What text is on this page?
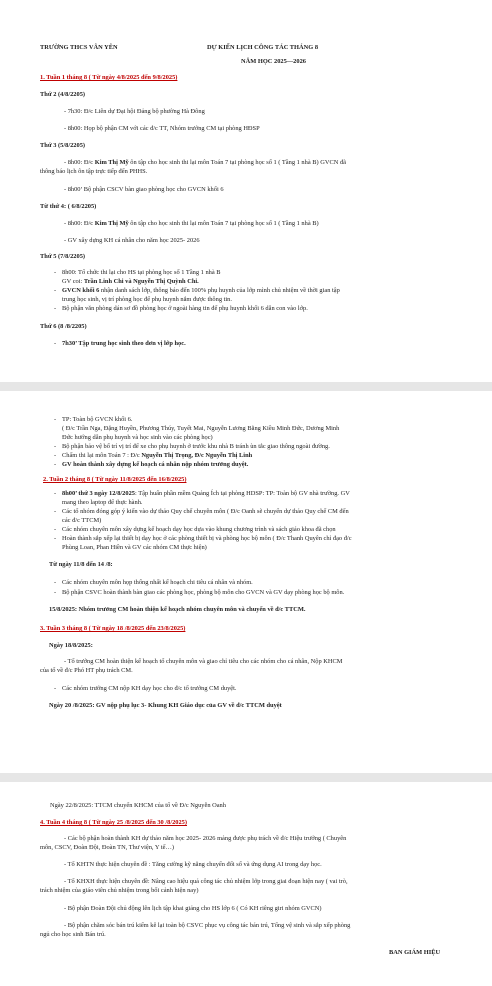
TRƯỜNG THCS VÂN YÊN	DỰ KIẾN LỊCH CÔNG TÁC THÁNG 8
NĂM HỌC 2025—2026
1. Tuần 1 tháng 8 ( Từ ngày 4/8/2025 đến 9/8/2025)
Thứ 2 (4/8/2205)
- 7h30: Đ/c Liên dự Đại hội Đảng bộ phường Hà Đông
- 8h00: Họp bộ phận CM với các đ/c TT, Nhóm trưởng CM tại phòng HĐSP
Thứ 3 (5/8/2205)
- 8h00: Đ/c Kim Thị Mỹ ôn tập cho học sinh thi lại môn Toán 7 tại phòng học số 1 ( Tầng 1 nhà B) GVCN đã
thông báo lịch ôn tập trực tiếp đến PHHS.
- 8h00’ Bộ phận CSCV bàn giao phòng học cho GVCN khối 6
Từ thứ 4: ( 6/8/2205)
- 8h00: Đ/c Kim Thị Mỹ ôn tập cho học sinh thi lại môn Toán 7 tại phòng học số 1 ( Tầng 1 nhà B)
- GV xây dựng KH cá nhân cho năm học 2025- 2026
Thứ 5 (7/8/2205)
- 8h00: Tổ chức thi lại cho HS tại phòng học số 1 Tầng 1 nhà B
GV coi: Trần Linh Chi và Nguyễn Thị Quỳnh Chi.
- GVCN khối 6 nhận danh sách lớp, thông báo đến 100% phụ huynh của lớp mình chủ nhiệm về thời gian tập
trung học sinh, vị trí phòng học để phụ huynh nắm được thông tin.
- Bộ phận văn phòng dán sơ đồ phòng học ở ngoài hàng tin để phụ huynh khối 6 dẫn con vào lớp.
Thứ 6 (8 /8/2205)
- 7h30’ Tập trung học sinh theo đơn vị lớp học.
- TP: Toàn bộ GVCN khối 6.
( Đ/c Trần Nga, Đặng Huyền, Phương Thúy, Tuyết Mai, Nguyễn Lương Bằng Kiều Minh Đức, Dương Minh
Đức hướng dẫn phụ huynh và học sinh vào các phòng học)
- Bộ phận bảo vệ bố trí vị trí để xe cho phụ huynh ở trước khu nhà B tránh ùn tắc giao thông ngoài đường.
- Chấm thi lại môn Toán 7 : Đ/c Nguyễn Thị Trọng, Đ/c Nguyễn Thị Linh
- GV hoàn thành xây dựng kế hoạch cá nhân nộp nhóm trưởng duyệt.
2. Tuần 2 tháng 8 ( Từ ngày 11/8/2025 đến 16/8/2025)
- 8h00’ thứ 3 ngày 12/8/2025: Tập huấn phần mềm Quảng Ích tại phòng HDSP: TP: Toàn bộ GV nhà trường. GV
mang theo laptop để thực hành.
- Các tổ nhóm đóng góp ý kiến vào dự thảo Quy chế chuyên môn ( Đ/c Oanh sẽ chuyển dự thảo Quy chế CM đến
các đ/c TTCM)
- Các nhóm chuyên môn xây dựng kế hoạch dạy học dựa vào khung chương trình và sách giáo khoa đã chọn
- Hoàn thành sắp xếp lại thiết bị dạy học ở các phòng thiết bị và phòng học bộ môn ( Đ/c Thanh Quyên chỉ đạo đ/c
Phùng Loan, Phan Hiền và GV các nhóm CM thực hiện)
Từ ngày 11/8 đến 14 /8:
- Các nhóm chuyên môn họp thống nhất kế hoạch chi tiêu cá nhân và nhóm.
- Bộ phận CSVC hoàn thành bàn giao các phòng học, phòng bộ môn cho GVCN và GV dạy phòng học bộ môn.
15/8/2025: Nhóm trưởng CM hoàn thiện kế hoạch nhóm chuyên môn và chuyển về đ/c TTCM.
3. Tuần 3 tháng 8 ( Từ ngày 18 /8/2025 đến 23/8/2025)
Ngày 18/8/2025:
- Tổ trưởng CM hoàn thiện kế hoạch tổ chuyên môn và giao chỉ tiêu cho các nhóm cho cá nhân, Nộp KHCM
của tổ về đ/c Phó HT phụ trách CM.
- Các nhóm trưởng CM nộp KH dạy học cho đ/c tổ trưởng CM duyệt.
Ngày 20 /8/2025: GV nộp phụ lục 3- Khung KH Giáo dục của GV về đ/c TTCM duyệt
Ngày 22/8/2025: TTCM chuyển KHCM của tổ về Đ/c Nguyễn Oanh
4. Tuần 4 tháng 8 ( Từ ngày 25 /8/2025 đến 30 /8/2025)
- Các bộ phận hoàn thành KH dự thảo năm học 2025- 2026 mảng được phụ trách về đ/c Hiệu trưởng ( Chuyên
môn, CSCV, Đoàn Đội, Đoàn TN, Thư viện, Y tế…)
- Tổ KHTN thực hiện chuyên đề : Tăng cường kỹ năng chuyển đổi số và ứng dụng AI trong dạy học.
- Tổ KHXH thực hiện chuyên đề: Nâng cao hiệu quả công tác chủ nhiệm lớp trong giai đoạn hiện nay ( vai trò,
trách nhiệm của giáo viên chủ nhiệm trong bối cảnh hiện nay)
- Bộ phận Đoàn Đội chủ động lên lịch tập khai giảng cho HS lớp 6 ( Có KH riêng giri nhóm GVCN)
- Bộ phận chăm sóc bán trú kiểm kê lại toàn bộ CSVC phục vụ công tác bán trú, Tổng vệ sinh và sắp xếp phòng
ngủ cho học sinh Bán trú.
BAN GIÁM HIỆU
